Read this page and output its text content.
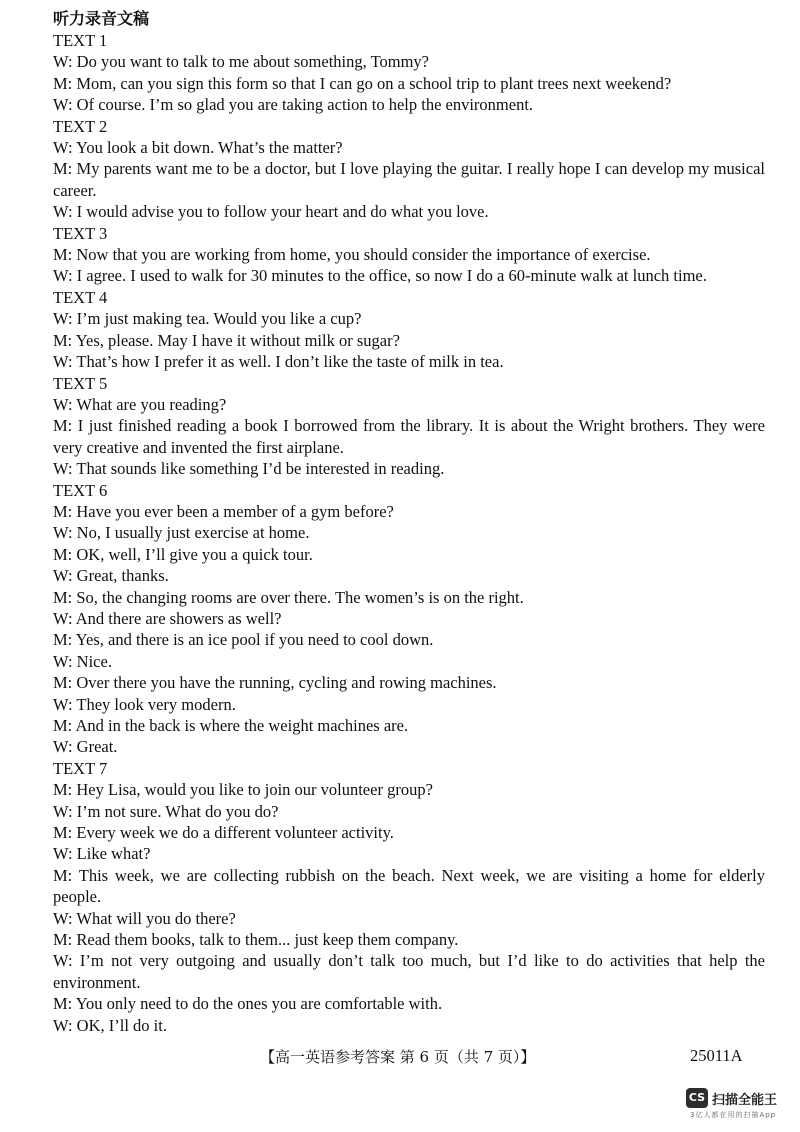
听力录音文稿

TEXT 1

W: Do you want to talk to me about something, Tommy?

M: Mom, can you sign this form so that I can go on a school trip to plant trees next weekend?

W: Of course. I’m so glad you are taking action to help the environment.

TEXT 2

W: You look a bit down. What’s the matter?

M: My parents want me to be a doctor, but I love playing the guitar. I really hope I can develop my musical career.

W: I would advise you to follow your heart and do what you love.

TEXT 3

M: Now that you are working from home, you should consider the importance of exercise.

W: I agree. I used to walk for 30 minutes to the office, so now I do a 60-minute walk at lunch time.

TEXT 4

W: I’m just making tea. Would you like a cup?

M: Yes, please. May I have it without milk or sugar?

W: That’s how I prefer it as well. I don’t like the taste of milk in tea.

TEXT 5

W: What are you reading?

M: I just finished reading a book I borrowed from the library. It is about the Wright brothers. They were very creative and invented the first airplane.

W: That sounds like something I’d be interested in reading.

TEXT 6

M: Have you ever been a member of a gym before?

W: No, I usually just exercise at home.

M: OK, well, I’ll give you a quick tour.

W: Great, thanks.

M: So, the changing rooms are over there. The women’s is on the right.

W: And there are showers as well?

M: Yes, and there is an ice pool if you need to cool down.

W: Nice.

M: Over there you have the running, cycling and rowing machines.

W: They look very modern.

M: And in the back is where the weight machines are.

W: Great.

TEXT 7

M: Hey Lisa, would you like to join our volunteer group?

W: I’m not sure. What do you do?

M: Every week we do a different volunteer activity.

W: Like what?

M: This week, we are collecting rubbish on the beach. Next week, we are visiting a home for elderly people.

W: What will you do there?

M: Read them books, talk to them... just keep them company.

W: I’m not very outgoing and usually don’t talk too much, but I’d like to do activities that help the environment.

M: You only need to do the ones you are comfortable with.

W: OK, I’ll do it.

【高一英语参考答案 第 6 页（共 7 页）】	25011A
CS 扫描全能王
3亿人都在用的扫描App
